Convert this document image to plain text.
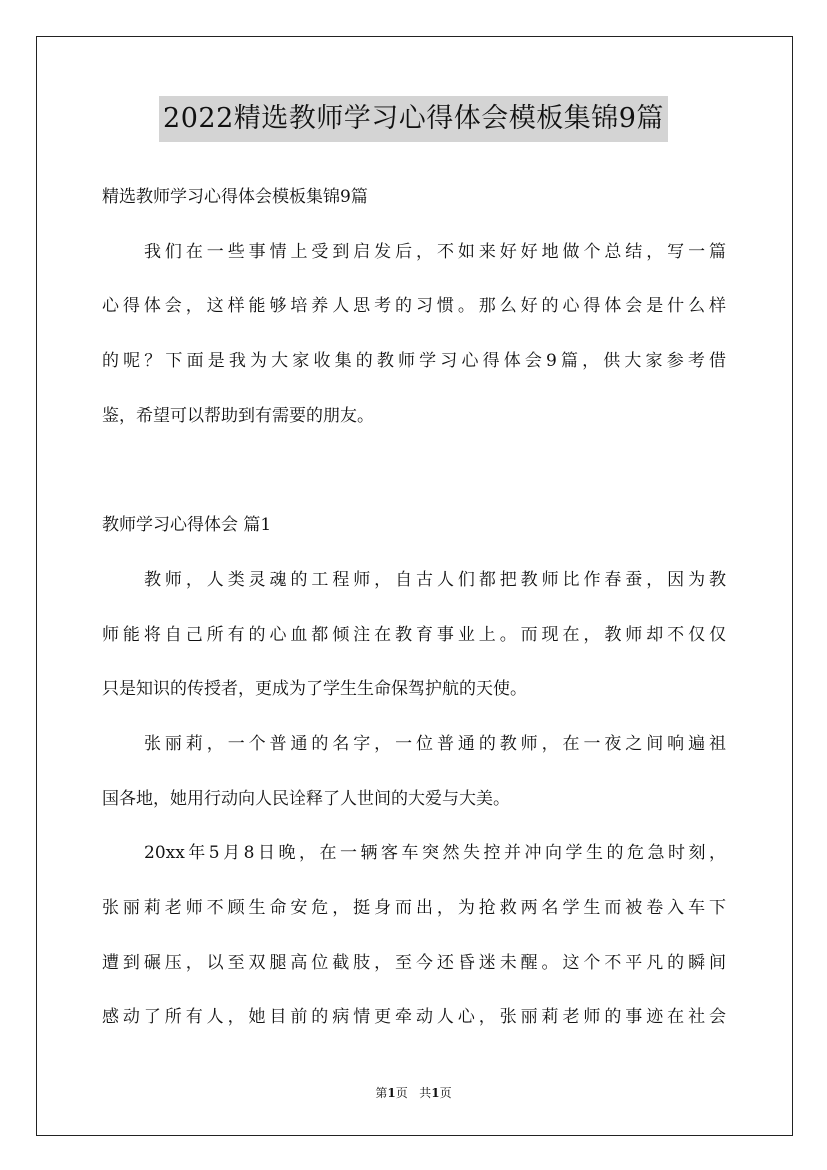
2022精选教师学习心得体会模板集锦9篇
精选教师学习心得体会模板集锦9篇
我们在一些事情上受到启发后，不如来好好地做个总结，写一篇
心得体会，这样能够培养人思考的习惯。那么好的心得体会是什么样
的呢？下面是我为大家收集的教师学习心得体会9篇，供大家参考借
鉴，希望可以帮助到有需要的朋友。
教师学习心得体会 篇1
教师，人类灵魂的工程师，自古人们都把教师比作春蚕，因为教
师能将自己所有的心血都倾注在教育事业上。而现在，教师却不仅仅
只是知识的传授者，更成为了学生生命保驾护航的天使。
张丽莉，一个普通的名字，一位普通的教师，在一夜之间响遍祖
国各地，她用行动向人民诠释了人世间的大爱与大美。
20xx年5月8日晚，在一辆客车突然失控并冲向学生的危急时刻，
张丽莉老师不顾生命安危，挺身而出，为抢救两名学生而被卷入车下
遭到碾压，以至双腿高位截肢，至今还昏迷未醒。这个不平凡的瞬间
感动了所有人，她目前的病情更牵动人心，张丽莉老师的事迹在社会
第1页 共1页
